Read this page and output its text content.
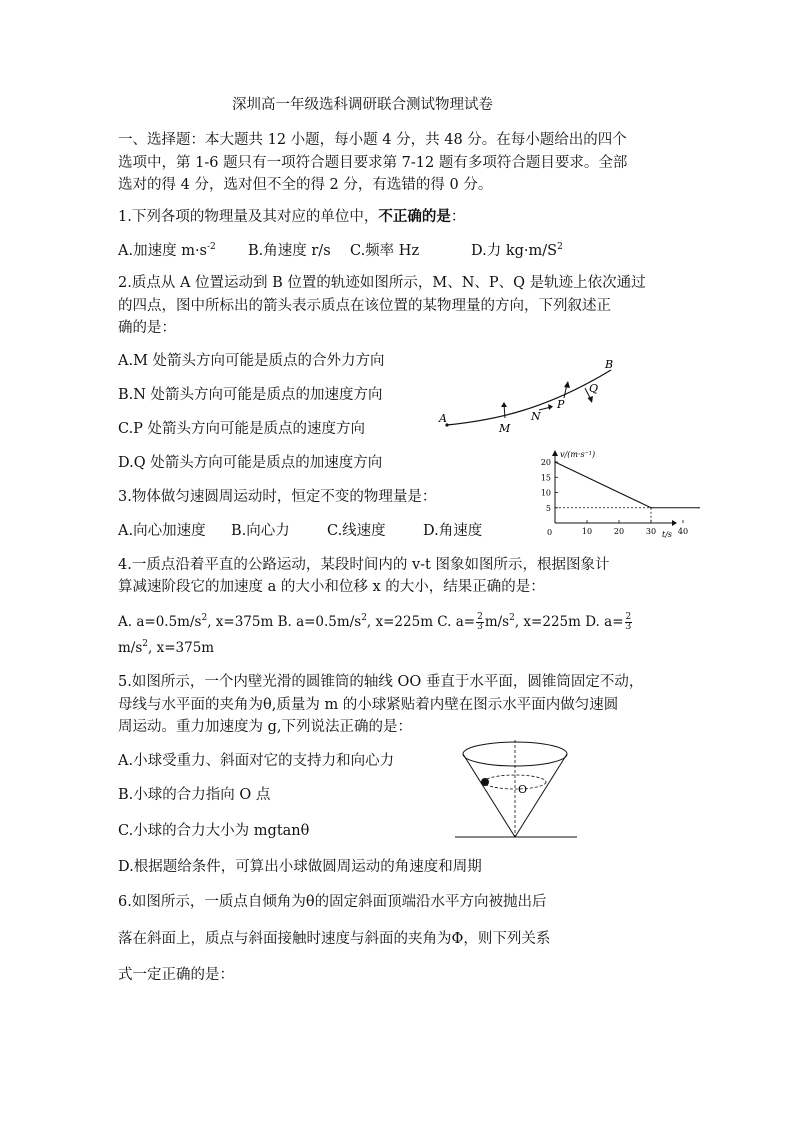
深圳高一年级选科调研联合测试物理试卷
一、选择题：本大题共 12 小题，每小题 4 分，共 48 分。在每小题给出的四个
选项中，第 1-6 题只有一项符合题目要求第 7-12 题有多项符合题目要求。全部
选对的得 4 分，选对但不全的得 2 分，有选错的得 0 分。
1.下列各项的物理量及其对应的单位中，不正确的是：
A.加速度 $m\cdot s^{-2}$ B.角速度 r/s C.频率 Hz	D.力 $kg\cdot m/S^2$
2.质点从 A 位置运动到 B 位置的轨迹如图所示，M、N、P、Q 是轨迹上依次通过
的四点，图中所标出的箭头表示质点在该位置的某物理量的方向，下列叙述正
确的是：
A.M 处箭头方向可能是质点的合外力方向
B.N 处箭头方向可能是质点的加速度方向
C.P 处箭头方向可能是质点的速度方向
D.Q 处箭头方向可能是质点的加速度方向
A
M
N
P
Q
B
3.物体做匀速圆周运动时，恒定不变的物理量是：
A.向心加速度 B.向心力	C.线速度	D.角速度
v/(m·s⁻¹)
t/s
0
20
15
10
5
10	20	30	40
4.一质点沿着平直的公路运动，某段时间内的 v-t 图象如图所示，根据图象计
算减速阶段它的加速度 a 的大小和位移 x 的大小，结果正确的是：
A. $a=0.5m/s^2$, x=375m B. $a=0.5m/s^2$, x=225m C. $a= \frac{2}{3} m/s^2$, x=225m D. $a= \frac{2}{3}$
$m/s^2$, x=375m
5.如图所示，一个内壁光滑的圆锥筒的轴线 OO 垂直于水平面，圆锥筒固定不动，
母线与水平面的夹角为θ,质量为 m 的小球紧贴着内壁在图示水平面内做匀速圆
周运动。重力加速度为 g,下列说法正确的是：
A.小球受重力、斜面对它的支持力和向心力
B.小球的合力指向 O 点
C.小球的合力大小为 mgtanθ
D.根据题给条件，可算出小球做圆周运动的角速度和周期
O
6.如图所示，一质点自倾角为θ的固定斜面顶端沿水平方向被抛出后
落在斜面上，质点与斜面接触时速度与斜面的夹角为Φ，则下列关系
式一定正确的是：
